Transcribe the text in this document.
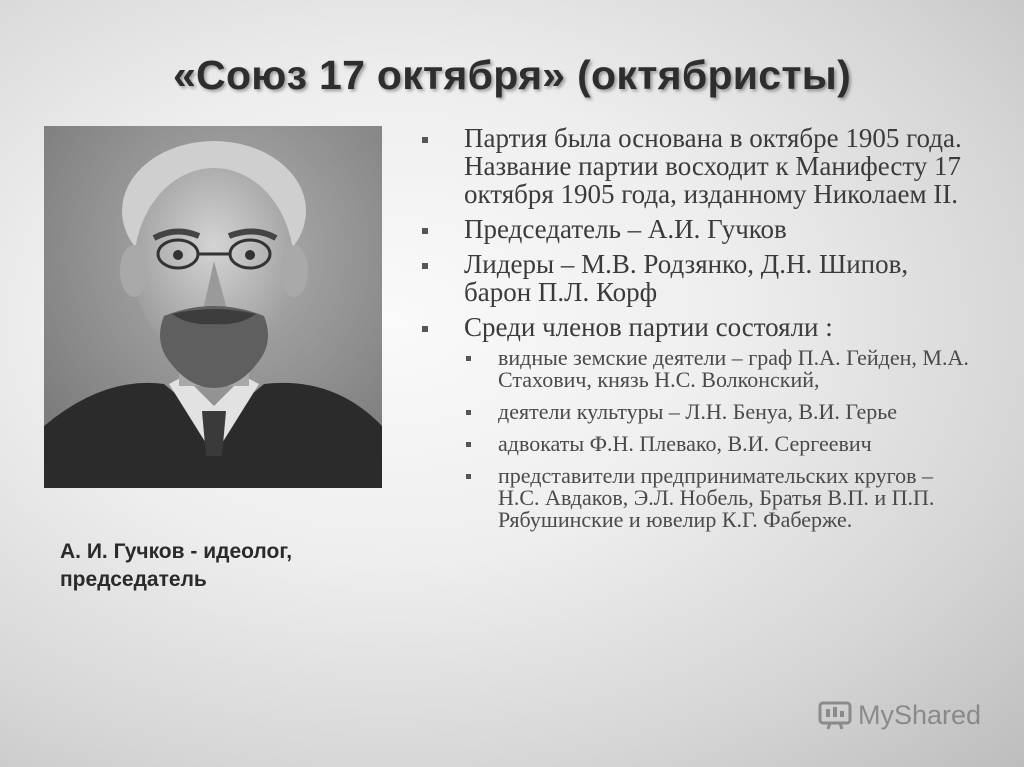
«Союз 17 октября» (октябристы)
А. И. Гучков - идеолог, председатель
Партия была основана в октябре 1905 года. Название партии восходит к Манифесту 17 октября 1905 года, изданному Николаем II.
Председатель – А.И. Гучков
Лидеры – М.В. Родзянко, Д.Н. Шипов, барон П.Л. Корф
Среди членов партии состояли :
видные земские деятели – граф П.А. Гейден, М.А. Стахович, князь Н.С. Волконский,
деятели культуры – Л.Н. Бенуа, В.И. Герье
адвокаты Ф.Н. Плевако, В.И. Сергеевич
представители предпринимательских кругов – Н.С. Авдаков, Э.Л. Нобель, Братья В.П. и П.П. Рябушинские и ювелир К.Г. Фаберже.
MyShared
